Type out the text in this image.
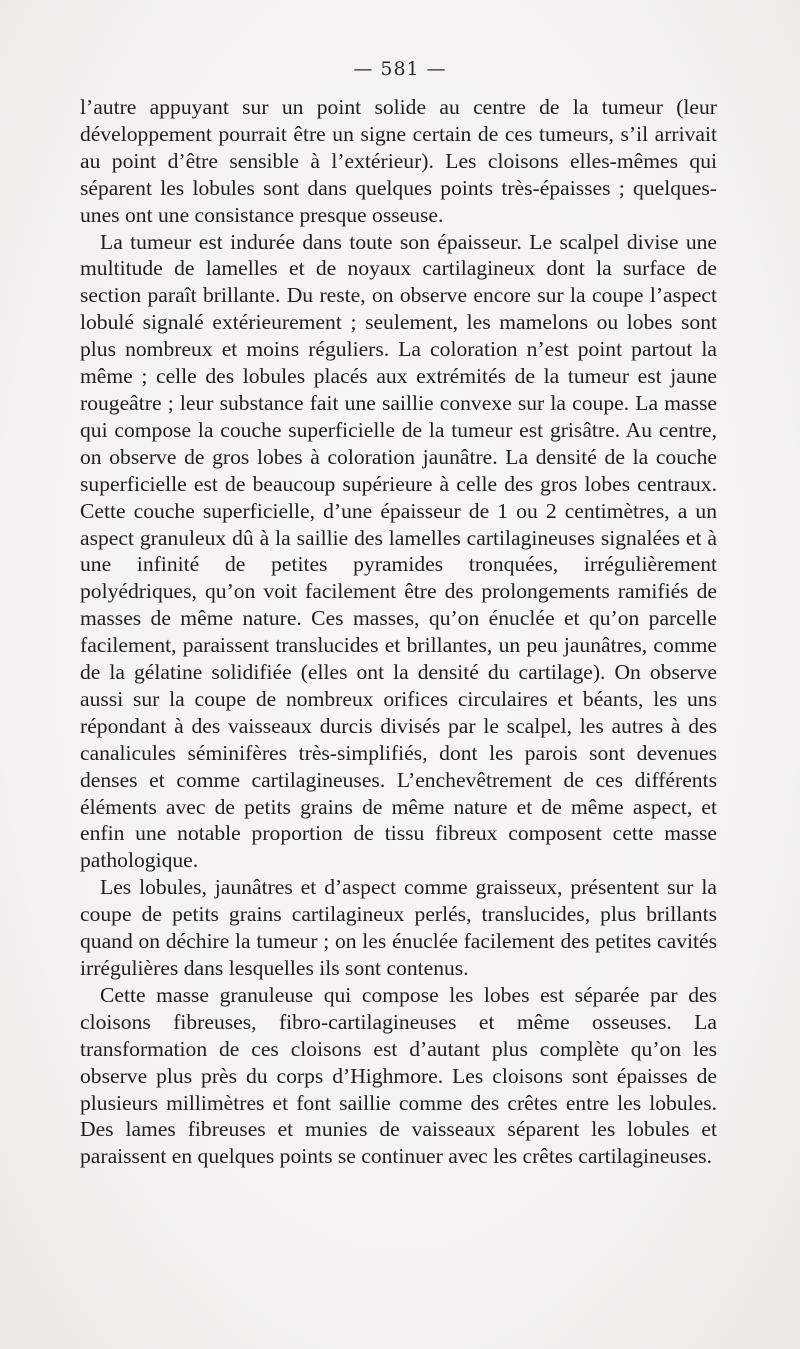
— 581 —

l’autre appuyant sur un point solide au centre de la tumeur (leur développement pourrait être un signe certain de ces tumeurs, s’il arrivait au point d’être sensible à l’extérieur). Les cloisons elles-mêmes qui séparent les lobules sont dans quelques points très-épaisses ; quelques-unes ont une consistance presque osseuse.

La tumeur est indurée dans toute son épaisseur. Le scalpel divise une multitude de lamelles et de noyaux cartilagineux dont la surface de section paraît brillante. Du reste, on observe encore sur la coupe l’aspect lobulé signalé extérieurement ; seulement, les mamelons ou lobes sont plus nombreux et moins réguliers. La coloration n’est point partout la même ; celle des lobules placés aux extrémités de la tumeur est jaune rougeâtre ; leur substance fait une saillie convexe sur la coupe. La masse qui compose la couche superficielle de la tumeur est grisâtre. Au centre, on observe de gros lobes à coloration jaunâtre. La densité de la couche superficielle est de beaucoup supérieure à celle des gros lobes centraux. Cette couche superficielle, d’une épaisseur de 1 ou 2 centimètres, a un aspect granuleux dû à la saillie des lamelles cartilagineuses signalées et à une infinité de petites pyramides tronquées, irrégulièrement polyédriques, qu’on voit facilement être des prolongements ramifiés de masses de même nature. Ces masses, qu’on énuclée et qu’on parcelle facilement, paraissent translucides et brillantes, un peu jaunâtres, comme de la gélatine solidifiée (elles ont la densité du cartilage). On observe aussi sur la coupe de nombreux orifices circulaires et béants, les uns répondant à des vaisseaux durcis divisés par le scalpel, les autres à des canalicules séminifères très-simplifiés, dont les parois sont devenues denses et comme cartilagineuses. L’enchevêtrement de ces différents éléments avec de petits grains de même nature et de même aspect, et enfin une notable proportion de tissu fibreux composent cette masse pathologique.

Les lobules, jaunâtres et d’aspect comme graisseux, présentent sur la coupe de petits grains cartilagineux perlés, translucides, plus brillants quand on déchire la tumeur ; on les énuclée facilement des petites cavités irrégulières dans lesquelles ils sont contenus.

Cette masse granuleuse qui compose les lobes est séparée par des cloisons fibreuses, fibro-cartilagineuses et même osseuses. La transformation de ces cloisons est d’autant plus complète qu’on les observe plus près du corps d’Highmore. Les cloisons sont épaisses de plusieurs millimètres et font saillie comme des crêtes entre les lobules. Des lames fibreuses et munies de vaisseaux séparent les lobules et paraissent en quelques points se continuer avec les crêtes cartilagineuses.
